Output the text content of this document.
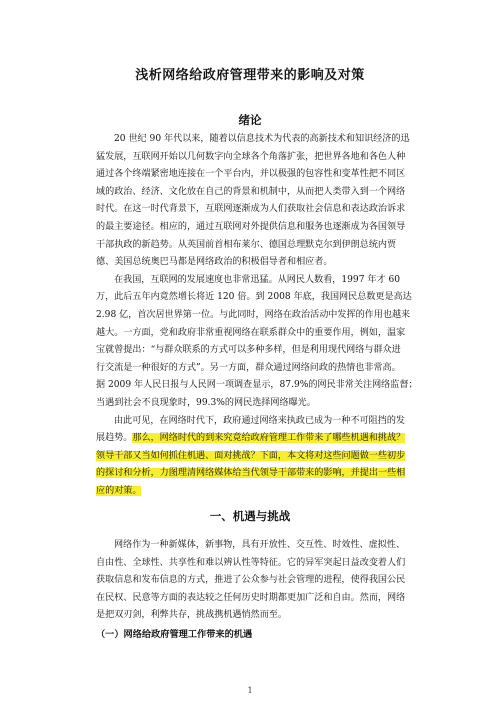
浅析网络给政府管理带来的影响及对策
绪论

20 世纪 90 年代以来，随着以信息技术为代表的高新技术和知识经济的迅
猛发展，互联网开始以几何数字向全球各个角落扩张，把世界各地和各色人种
通过各个终端紧密地连接在一个平台内，并以极强的包容性和变革性把不同区
域的政治、经济、文化放在自己的背景和机制中，从而把人类带入到一个网络
时代。在这一时代背景下，互联网逐渐成为人们获取社会信息和表达政治诉求
的最主要途径。相应的，通过互联网对外提供信息和服务也逐渐成为各国领导
干部执政的新趋势。从英国前首相布莱尔、德国总理默克尔到伊朗总统内贾
德、美国总统奥巴马都是网络政治的积极倡导者和相应者。

在我国，互联网的发展速度也非常迅猛。从网民人数看，1997 年才 60
万，此后五年内竟然增长将近 120 倍。到 2008 年底，我国网民总数更是高达
2.98 亿，首次居世界第一位。与此同时，网络在政治活动中发挥的作用也越来
越大。一方面，党和政府非常重视网络在联系群众中的重要作用，例如，温家
宝就曾提出：“与群众联系的方式可以多种多样，但是利用现代网络与群众进
行交流是一种很好的方式”。另一方面，群众通过网络问政的热情也非常高。
据 2009 年人民日报与人民网一项调查显示，87.9%的网民非常关注网络监督；
当遇到社会不良现象时，99.3%的网民选择网络曝光。

由此可见，在网络时代下，政府通过网络来执政已成为一种不可阻挡的发
展趋势。那么，网络时代的到来究竟给政府管理工作带来了哪些机遇和挑战？
领导干部又当如何抓住机遇、面对挑战？下面，本文将对这些问题做一些初步
的探讨和分析，力图理清网络媒体给当代领导干部带来的影响，并提出一些相
应的对策。

一、机遇与挑战

网络作为一种新媒体，新事物，具有开放性、交互性、时效性、虚拟性、
自由性、全球性、共享性和难以辨认性等特征。它的异军突起日益改变着人们
获取信息和发布信息的方式，推进了公众参与社会管理的进程，使得我国公民
在民权、民意等方面的表达较之任何历史时期都更加广泛和自由。然而，网络
是把双刃剑，利弊共存，挑战携机遇悄然而至。

（一）网络给政府管理工作带来的机遇
1
